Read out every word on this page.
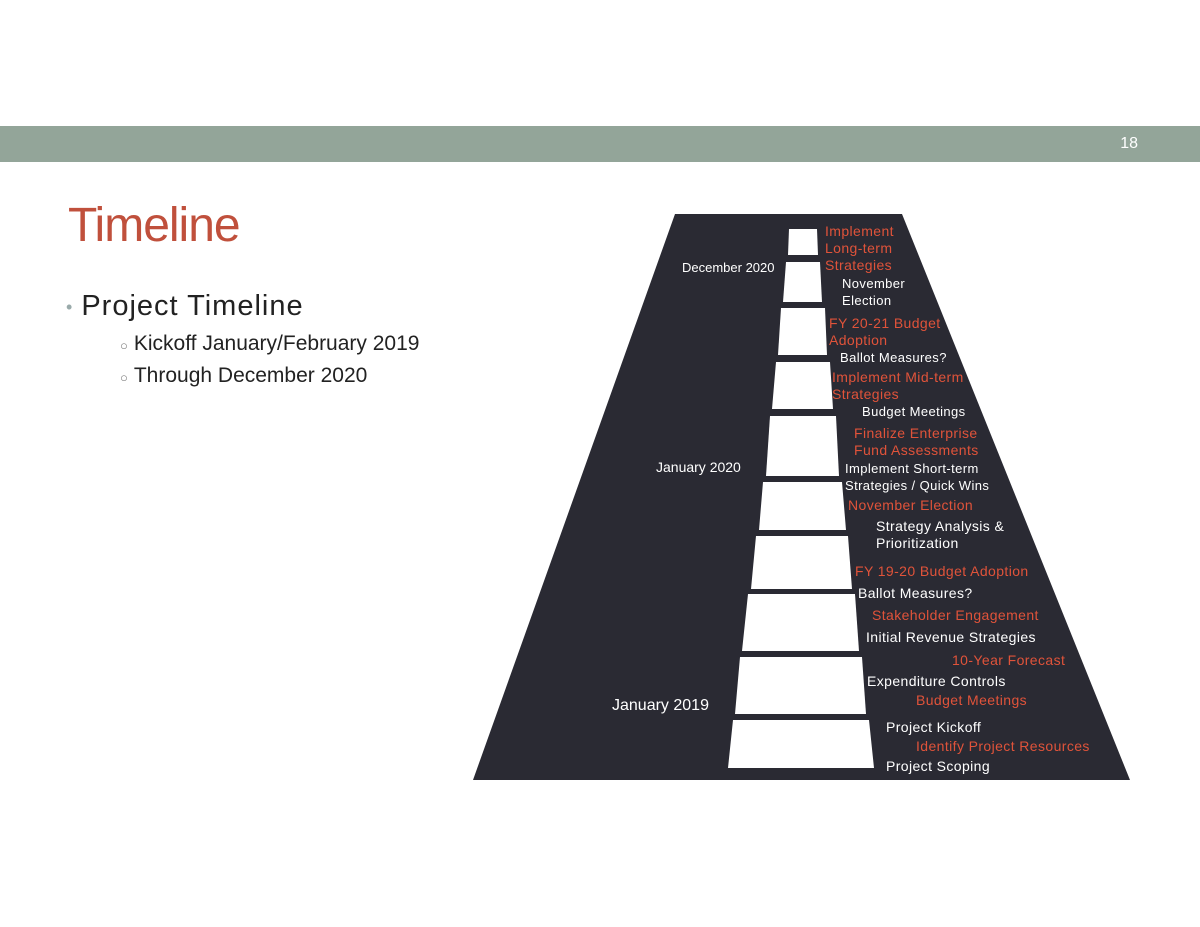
18
Timeline
• Project Timeline
○ Kickoff January/February 2019
○ Through December 2020
December 2020
January 2020
January 2019
Implement
Long-term
Strategies
November
Election
FY 20-21 Budget
Adoption
Ballot Measures?
Implement Mid-term
Strategies
Budget Meetings
Finalize Enterprise
Fund Assessments
Implement Short-term
Strategies / Quick Wins
November Election
Strategy Analysis &
Prioritization
FY 19-20 Budget Adoption
Ballot Measures?
Stakeholder Engagement
Initial Revenue Strategies
10-Year Forecast
Expenditure Controls
Budget Meetings
Project Kickoff
Identify Project Resources
Project Scoping
